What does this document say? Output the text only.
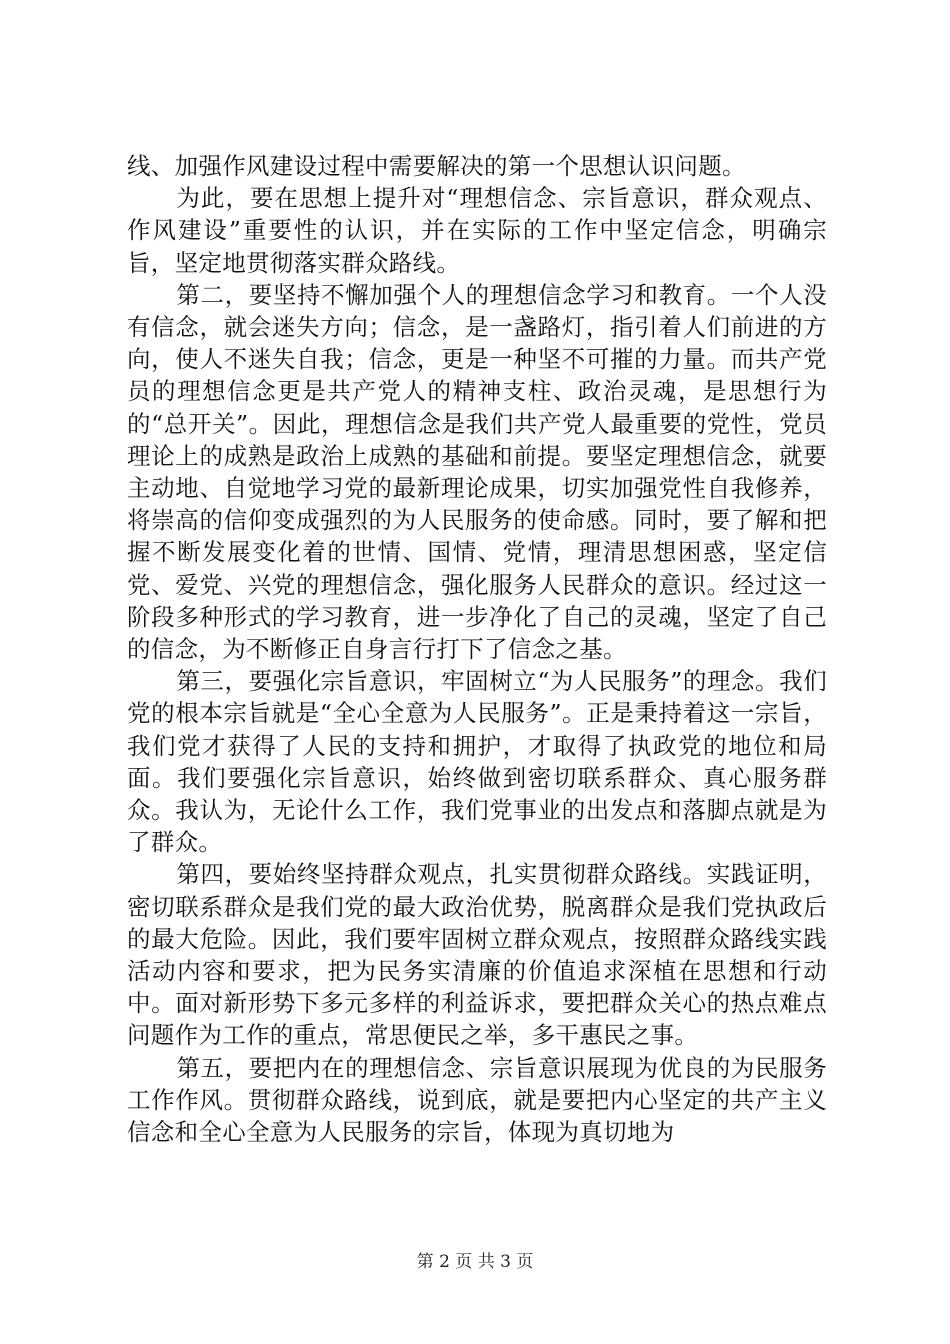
线、加强作风建设过程中需要解决的第一个思想认识问题。

为此，要在思想上提升对“理想信念、宗旨意识，群众观点、作风建设”重要性的认识，并在实际的工作中坚定信念，明确宗旨，坚定地贯彻落实群众路线。

第二，要坚持不懈加强个人的理想信念学习和教育。一个人没有信念，就会迷失方向；信念，是一盏路灯，指引着人们前进的方向，使人不迷失自我；信念，更是一种坚不可摧的力量。而共产党员的理想信念更是共产党人的精神支柱、政治灵魂，是思想行为的“总开关”。因此，理想信念是我们共产党人最重要的党性，党员理论上的成熟是政治上成熟的基础和前提。要坚定理想信念，就要主动地、自觉地学习党的最新理论成果，切实加强党性自我修养，将崇高的信仰变成强烈的为人民服务的使命感。同时，要了解和把握不断发展变化着的世情、国情、党情，理清思想困惑，坚定信党、爱党、兴党的理想信念，强化服务人民群众的意识。经过这一阶段多种形式的学习教育，进一步净化了自己的灵魂，坚定了自己的信念，为不断修正自身言行打下了信念之基。

第三，要强化宗旨意识，牢固树立“为人民服务”的理念。我们党的根本宗旨就是“全心全意为人民服务”。正是秉持着这一宗旨，我们党才获得了人民的支持和拥护，才取得了执政党的地位和局面。我们要强化宗旨意识，始终做到密切联系群众、真心服务群众。我认为，无论什么工作，我们党事业的出发点和落脚点就是为了群众。

第四，要始终坚持群众观点，扎实贯彻群众路线。实践证明，密切联系群众是我们党的最大政治优势，脱离群众是我们党执政后的最大危险。因此，我们要牢固树立群众观点，按照群众路线实践活动内容和要求，把为民务实清廉的价值追求深植在思想和行动中。面对新形势下多元多样的利益诉求，要把群众关心的热点难点问题作为工作的重点，常思便民之举，多干惠民之事。

第五，要把内在的理想信念、宗旨意识展现为优良的为民服务工作作风。贯彻群众路线，说到底，就是要把内心坚定的共产主义信念和全心全意为人民服务的宗旨，体现为真切地为

第 2 页 共 3 页
